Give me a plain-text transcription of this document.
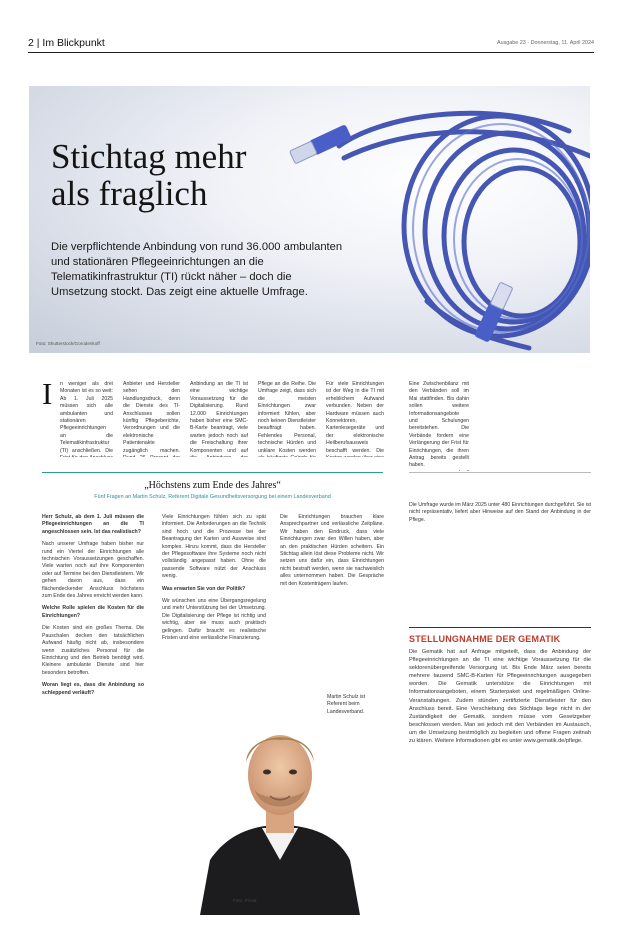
2 | Im Blickpunkt	Ausgabe 23 · Donnerstag, 11. April 2024
Stichtag mehr
als fraglich
Die verpflichtende Anbindung von rund 36.000 ambulanten und stationären Pflegeeinrichtungen an die Telematikinfrastruktur (TI) rückt näher – doch die Umsetzung stockt. Das zeigt eine aktuelle Umfrage.
Foto: Shutterstock/Gorodenkoff
I n weniger als drei Monaten ist es so weit: Ab 1. Juli 2025 müssen sich alle ambulanten und stationären Pflegeeinrichtungen an die Telematikinfrastruktur (TI) anschließen. Die
Anbieter und Hersteller sehen den Handlungsdruck, denn die Dienste des TI-Anschlusses sollen künftig Pflegeberichte, Verordnungen und die elektronische Patientenakte zugänglich machen.
Anbindung an die TI ist eine wichtige Voraussetzung für die Digitalisierung. Rund 12.000 Einrichtungen haben bisher eine SMC-B-Karte beantragt, viele warten jedoch noch auf die Freischaltung ihrer Komponenten und auf
Pflege an die Reihe. Die Umfrage zeigt, dass sich die meisten Einrichtungen zwar informiert fühlen, aber noch keinen Dienstleister beauftragt haben. Fehlendes Personal, technische Hürden und unklare Kosten werden
Für viele Einrichtungen ist der Weg in die TI mit erheblichem Aufwand verbunden. Neben der Hardware müssen auch Konnektoren, Kartenlesegeräte und der elektronische Heilberufsausweis beschafft werden. Die
Eine Zwischenbilanz mit den Verbänden soll im Mai stattfinden. Bis dahin sollen weitere Informationsangebote und Schulungen bereitstehen. Die Verbände fordern eine Verlängerung der Frist für Einrichtungen, die ihren Antrag bereits gestellt haben.
„Höchstens zum Ende des Jahres“
Fünf Fragen an Martin Schulz, Referent Digitale Gesundheitsversorgung bei einem Landesverband

Herr Schulz, ab dem 1. Juli müssen die Pflegeeinrichtungen an die TI angeschlossen sein. Ist das realistisch?

Nach unserer Umfrage haben bisher nur rund ein Viertel der Einrichtungen alle technischen Voraussetzungen geschaffen. Viele warten noch auf ihre Komponenten oder auf Termine bei den Dienstleistern. Wir gehen davon aus, dass ein flächendeckender Anschluss höchstens zum Ende des Jahres erreicht werden kann.

Welche Rolle spielen die Kosten für die Einrichtungen?

Die Kosten sind ein großes Thema. Die Pauschalen decken den tatsächlichen Aufwand häufig nicht ab, insbesondere wenn zusätzliches Personal für die Einrichtung und den Betrieb benötigt wird. Kleinere ambulante Dienste sind hier besonders betroffen.

Woran liegt es, dass die Anbindung so schleppend verläuft?

Viele Einrichtungen fühlen sich zu spät informiert. Die Anforderungen an die Technik sind hoch und die Prozesse bei der Beantragung der Karten und Ausweise sind komplex. Hinzu kommt, dass die Hersteller der Pflegesoftware ihre Systeme noch nicht vollständig angepasst haben. Ohne die passende Software nützt der Anschluss wenig.

Was erwarten Sie von der Politik?

Wir wünschen uns eine Übergangsregelung und mehr Unterstützung bei der Umsetzung. Die Digitalisierung der Pflege ist richtig und wichtig, aber sie muss auch praktisch gelingen. Dafür braucht es realistische Fristen und eine verlässliche Finanzierung.

Die Einrichtungen brauchen klare Ansprechpartner und verlässliche Zeitpläne. Wir haben den Eindruck, dass viele Einrichtungen zwar den Willen haben, aber an den praktischen Hürden scheitern. Ein Stichtag allein löst diese Probleme nicht. Wir setzen uns dafür ein, dass Einrichtungen nicht bestraft werden, wenn sie nachweislich alles unternommen haben. Die Gespräche mit den Kostenträgern laufen.
Martin Schulz ist Referent beim Landesverband.
Foto: Privat
Die Umfrage wurde im März 2025 unter 480 Einrichtungen durchgeführt. Sie ist nicht repräsentativ, liefert aber Hinweise auf den Stand der Anbindung in der Pflege.
STELLUNGNAHME DER GEMATIK
Die Gematik hat auf Anfrage mitgeteilt, dass die Anbindung der Pflegeeinrichtungen an die TI eine wichtige Voraussetzung für die sektorenübergreifende Versorgung ist. Bis Ende März seien bereits mehrere tausend SMC-B-Karten für Pflegeeinrichtungen ausgegeben worden. Die Gematik unterstütze die Einrichtungen mit Informationsangeboten, einem Starterpaket und regelmäßigen Online-Veranstaltungen. Zudem stünden zertifizierte Dienstleister für den Anschluss bereit. Eine Verschiebung des Stichtags liege nicht in der Zuständigkeit der Gematik, sondern müsse vom Gesetzgeber beschlossen werden. Man sei jedoch mit den Verbänden im Austausch, um die Umsetzung bestmöglich zu begleiten und offene Fragen zeitnah zu klären. Weitere Informationen gibt es unter www.gematik.de/pflege.
